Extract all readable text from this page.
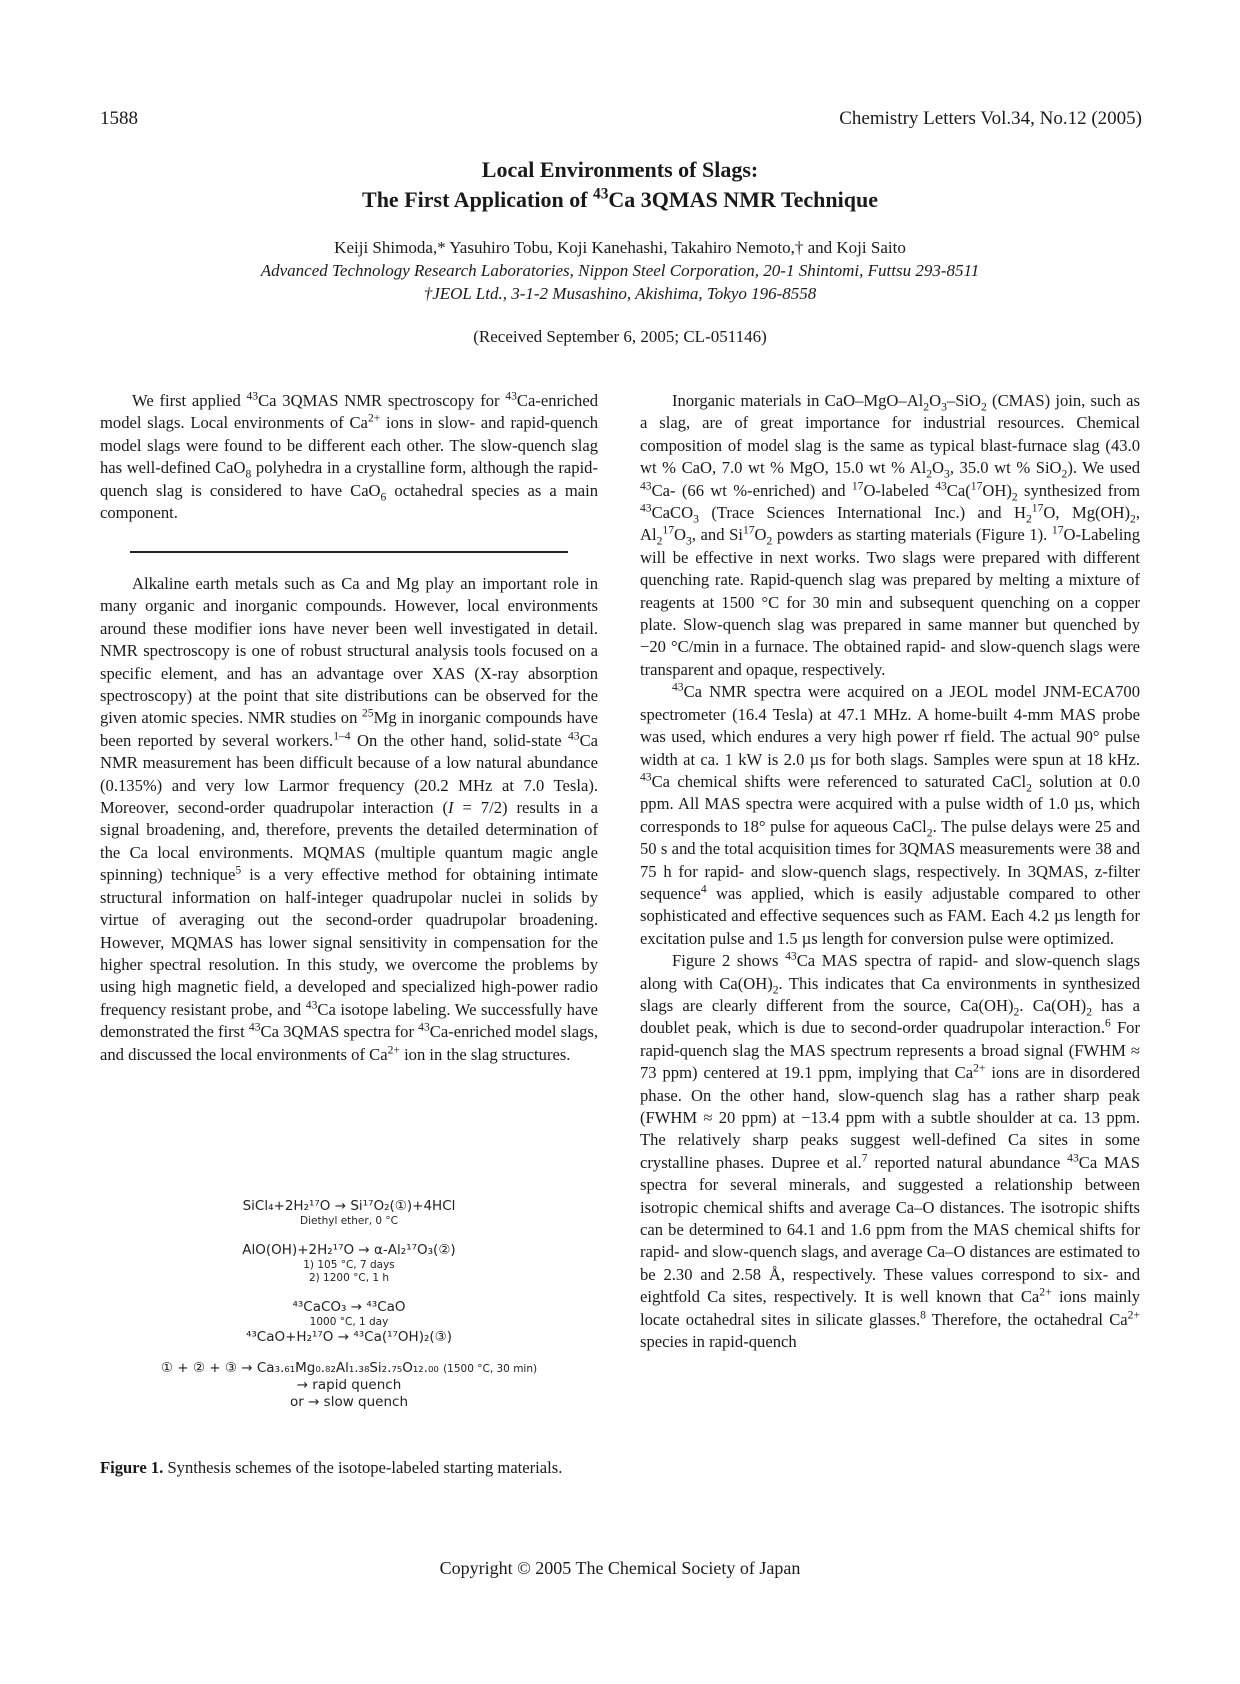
1588	Chemistry Letters Vol.34, No.12 (2005)
Local Environments of Slags:
The First Application of $^{43}$Ca 3QMAS NMR Technique
Keiji Shimoda,* Yasuhiro Tobu, Koji Kanehashi, Takahiro Nemoto,† and Koji Saito
Advanced Technology Research Laboratories, Nippon Steel Corporation, 20-1 Shintomi, Futtsu 293-8511
†JEOL Ltd., 3-1-2 Musashino, Akishima, Tokyo 196-8558
(Received September 6, 2005; CL-051146)

We first applied $^{43}$Ca 3QMAS NMR spectroscopy for $^{43}$Ca-enriched model slags. Local environments of $Ca^{2+}$ ions in slow- and rapid-quench model slags were found to be different each other. The slow-quench slag has well-defined CaO$_8$ polyhedra in a crystalline form, although the rapid-quench slag is considered to have CaO$_6$ octahedral species as a main component.

Alkaline earth metals such as Ca and Mg play an important role in many organic and inorganic compounds. However, local environments around these modifier ions have never been well investigated in detail. NMR spectroscopy is one of robust structural analysis tools focused on a specific element, and has an advantage over XAS (X-ray absorption spectroscopy) at the point that site distributions can be observed for the given atomic species. NMR studies on $^{25}$Mg in inorganic compounds have been reported by several workers.$^{1-4}$ On the other hand, solid-state $^{43}$Ca NMR measurement has been difficult because of a low natural abundance (0.135%) and very low Larmor frequency (20.2 MHz at 7.0 Tesla). Moreover, second-order quadrupolar interaction (I = 7/2) results in a signal broadening, and, therefore, prevents the detailed determination of the Ca local environments. MQMAS (multiple quantum magic angle spinning) technique$^5$ is a very effective method for obtaining intimate structural information on half-integer quadrupolar nuclei in solids by virtue of averaging out the second-order quadrupolar broadening. However, MQMAS has lower signal sensitivity in compensation for the higher spectral resolution. In this study, we overcome the problems by using high magnetic field, a developed and specialized high-power radio frequency resistant probe, and $^{43}$Ca isotope labeling. We successfully have demonstrated the first $^{43}$Ca 3QMAS spectra for $^{43}$Ca-enriched model slags, and discussed the local environments of $Ca^{2+}$ ion in the slag structures.

SiCl₄+2H₂¹⁷O → Si¹⁷O₂(①)+4HCl
Diethyl ether, 0 °C
AlO(OH)+2H₂¹⁷O → α-Al₂¹⁷O₃(②)
1) 105 °C, 7 days
2) 1200 °C, 1 h
⁴³CaCO₃ → ⁴³CaO
1000 °C, 1 day
⁴³CaO+H₂¹⁷O → ⁴³Ca(¹⁷OH)₂(③)
① + ② + ③ → Ca₃.₆₁Mg₀.₈₂Al₁.₃₈Si₂.₇₅O₁₂.₀₀ (1500 °C, 30 min)
→ rapid quench
or → slow quench
Figure 1. Synthesis schemes of the isotope-labeled starting materials.

Inorganic materials in CaO–$MgO-Al_2O_3-SiO_2$ (CMAS) join, such as a slag, are of great importance for industrial resources. Chemical composition of model slag is the same as typical blast-furnace slag (43.0 wt % CaO, 7.0 wt % MgO, 15.0 wt % $Al_2O_3$, 35.0 wt % SiO$_2$). We used $^{43}$Ca- (66 wt %-enriched) and $^{17}$O-labeled $^{43}Ca(^{17}OH)_2$ synthesized from $^{43}$CaCO$_3$ (Trace Sciences International Inc.) and $H_2^{17}O$, $Mg(OH)_2$, $Al_2^{17}O_3$, and $Si^{17}O_2$ powders as starting materials (Figure 1). $^{17}$O-Labeling will be effective in next works. Two slags were prepared with different quenching rate. Rapid-quench slag was prepared by melting a mixture of reagents at 1500 °C for 30 min and subsequent quenching on a copper plate. Slow-quench slag was prepared in same manner but quenched by −20 °C/min in a furnace. The obtained rapid- and slow-quench slags were transparent and opaque, respectively.

$^{43}$Ca NMR spectra were acquired on a JEOL model JNM-ECA700 spectrometer (16.4 Tesla) at 47.1 MHz. A home-built 4-mm MAS probe was used, which endures a very high power rf field. The actual 90° pulse width at ca. 1 kW is 2.0 µs for both slags. Samples were spun at 18 kHz. $^{43}$Ca chemical shifts were referenced to saturated CaCl$_2$ solution at 0.0 ppm. All MAS spectra were acquired with a pulse width of 1.0 µs, which corresponds to 18° pulse for aqueous CaCl$_2$. The pulse delays were 25 and 50 s and the total acquisition times for 3QMAS measurements were 38 and 75 h for rapid- and slow-quench slags, respectively. In 3QMAS, z-filter sequence$^4$ was applied, which is easily adjustable compared to other sophisticated and effective sequences such as FAM. Each 4.2 µs length for excitation pulse and 1.5 µs length for conversion pulse were optimized.

Figure 2 shows $^{43}$Ca MAS spectra of rapid- and slow-quench slags along with $Ca(OH)_2$. This indicates that Ca environments in synthesized slags are clearly different from the source, $Ca(OH)_2$. $Ca(OH)_2$ has a doublet peak, which is due to second-order quadrupolar interaction.$^6$ For rapid-quench slag the MAS spectrum represents a broad signal (FWHM ≈ 73 ppm) centered at 19.1 ppm, implying that $Ca^{2+}$ ions are in disordered phase. On the other hand, slow-quench slag has a rather sharp peak (FWHM ≈ 20 ppm) at −13.4 ppm with a subtle shoulder at ca. 13 ppm. The relatively sharp peaks suggest well-defined Ca sites in some crystalline phases. Dupree et al.$^7$ reported natural abundance $^{43}$Ca MAS spectra for several minerals, and suggested a relationship between isotropic chemical shifts and average Ca–O distances. The isotropic shifts can be determined to 64.1 and 1.6 ppm from the MAS chemical shifts for rapid- and slow-quench slags, and average Ca–O distances are estimated to be 2.30 and 2.58 Å, respectively. These values correspond to six- and eightfold Ca sites, respectively. It is well known that $Ca^{2+}$ ions mainly locate octahedral sites in silicate glasses.$^8$ Therefore, the octahedral $Ca^{2+}$ species in rapid-quench

Copyright © 2005 The Chemical Society of Japan
